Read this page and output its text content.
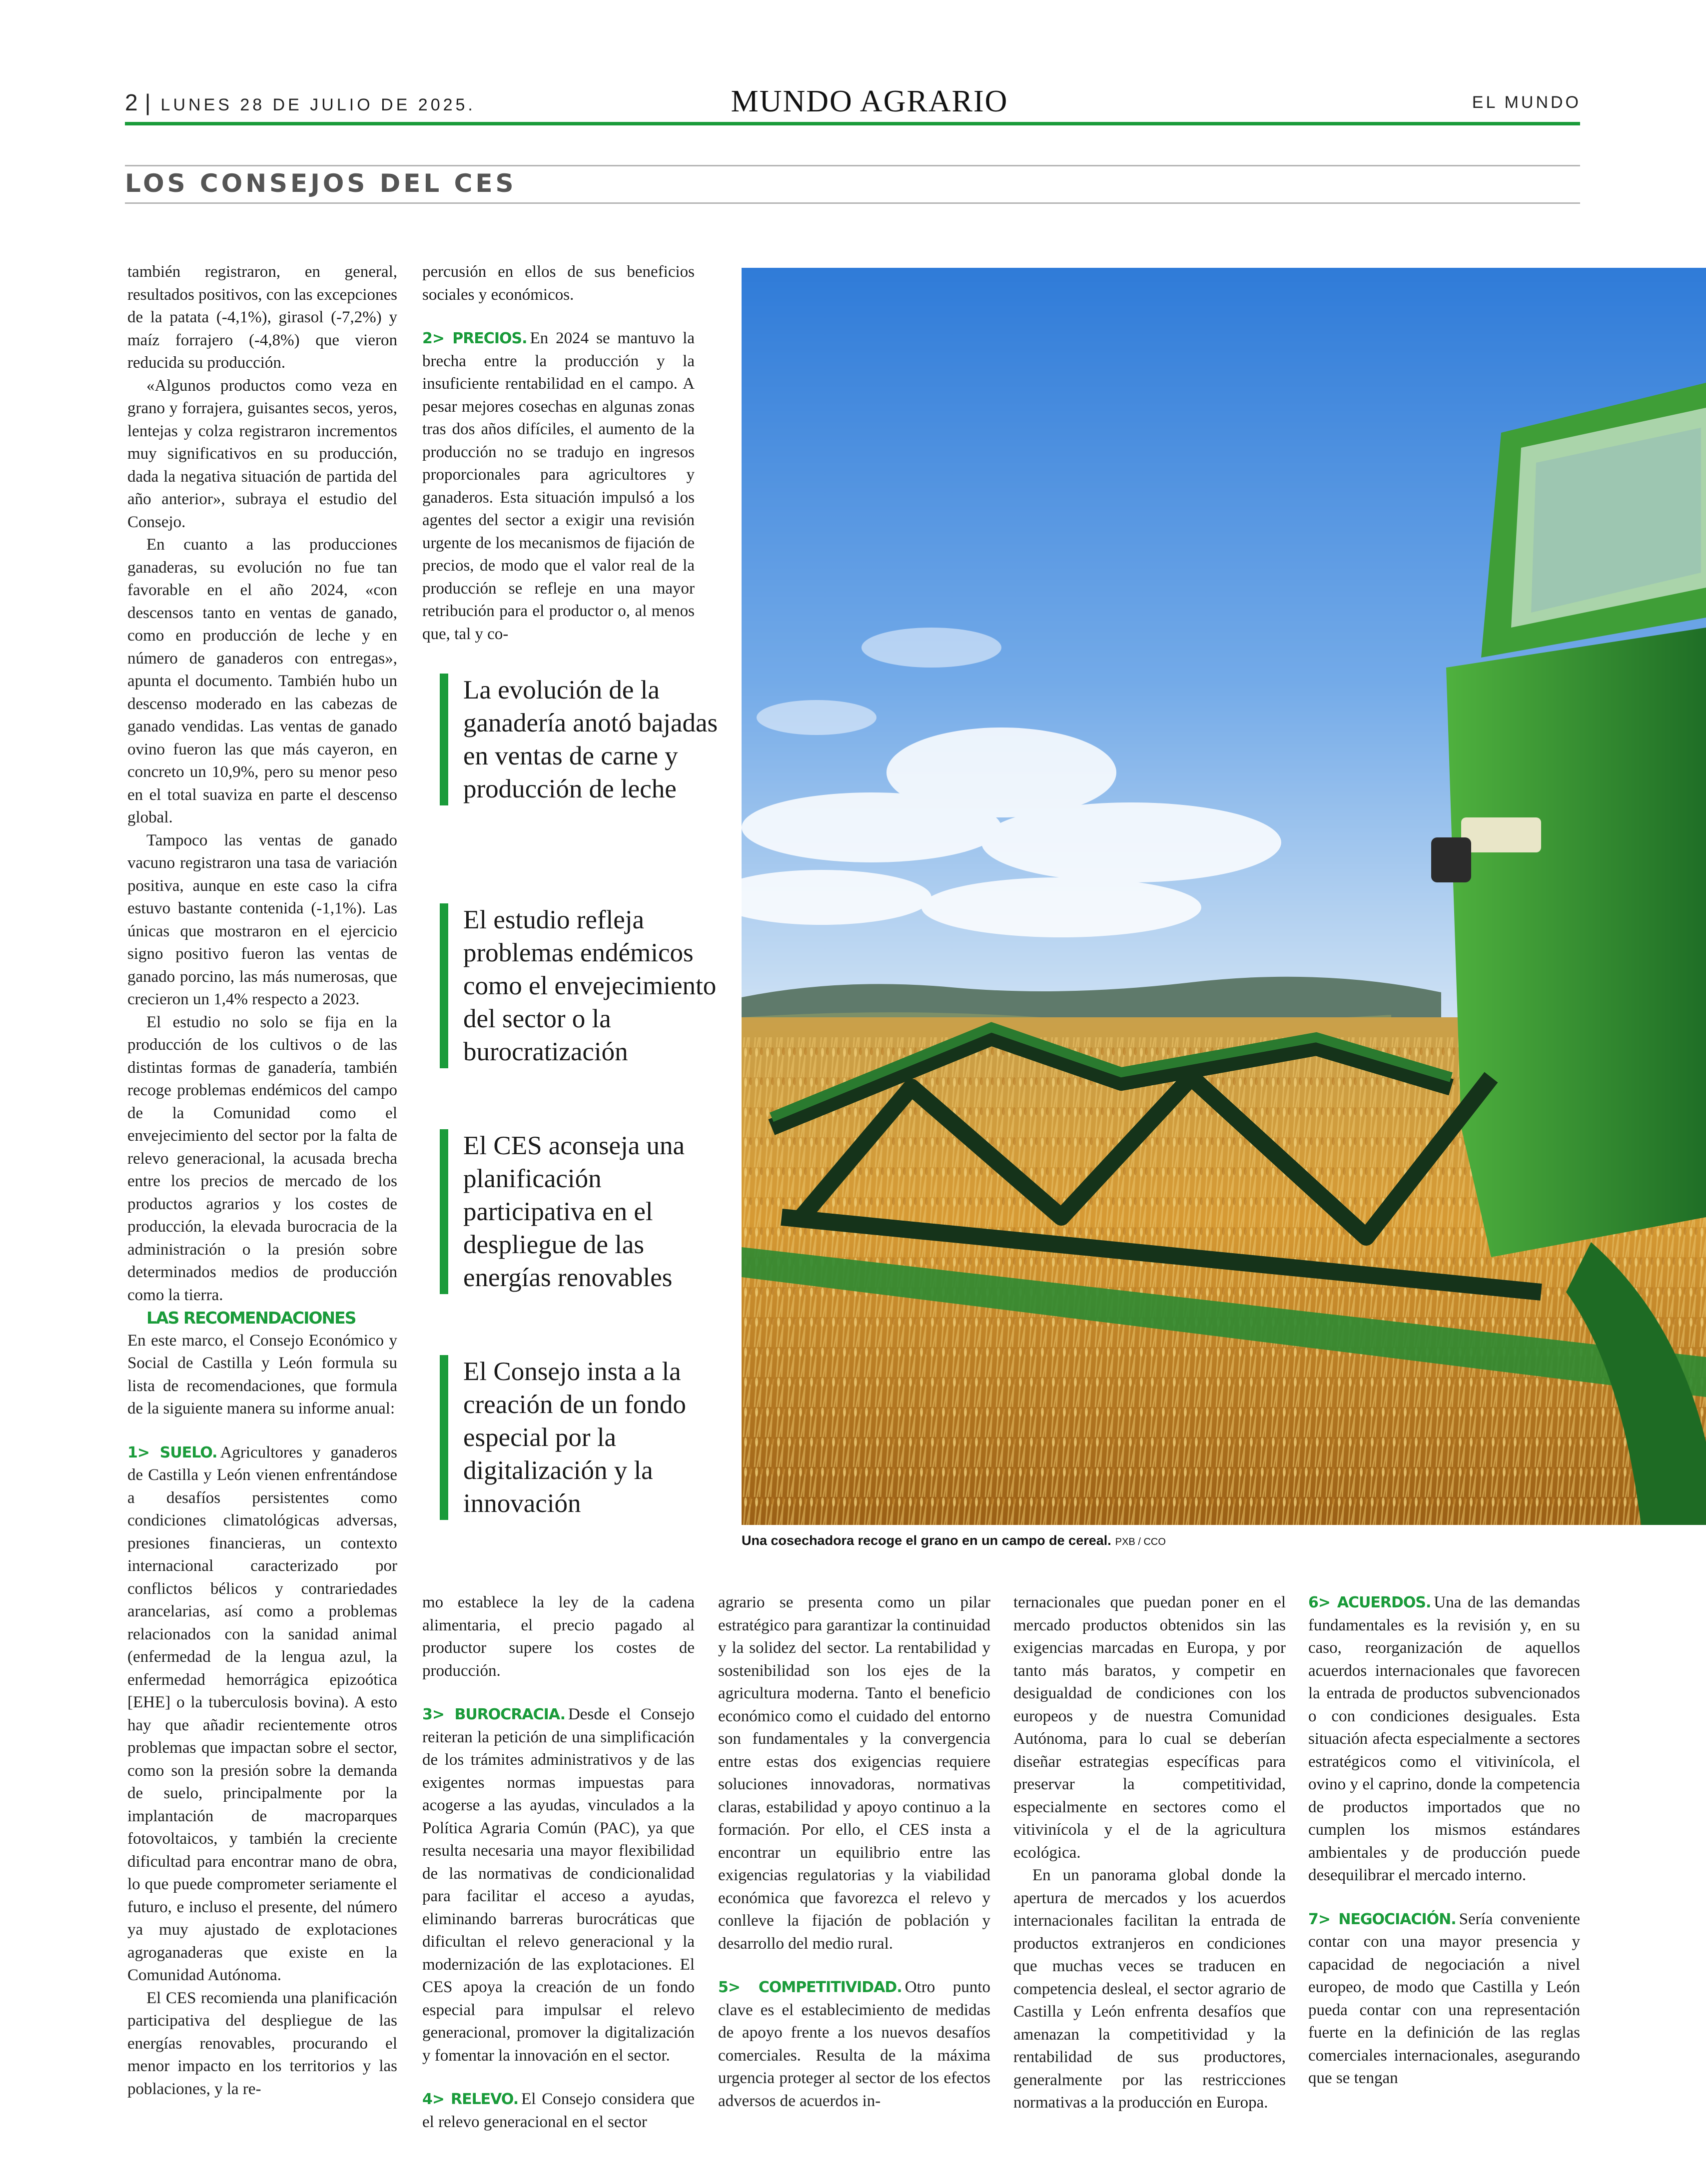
2 | LUNES 28 DE JULIO DE 2025.	MUNDO AGRARIO	EL MUNDO
LOS CONSEJOS DEL CES

también registraron, en general, resultados positivos, con las excepciones de la patata (-4,1%), girasol (-7,2%) y maíz forrajero (-4,8%) que vieron reducida su producción.

«Algunos productos como veza en grano y forrajera, guisantes secos, yeros, lentejas y colza registraron incrementos muy significativos en su producción, dada la negativa situación de partida del año anterior», subraya el estudio del Consejo.

En cuanto a las producciones ganaderas, su evolución no fue tan favorable en el año 2024, «con descensos tanto en ventas de ganado, como en producción de leche y en número de ganaderos con entregas», apunta el documento. También hubo un descenso moderado en las cabezas de ganado vendidas. Las ventas de ganado ovino fueron las que más cayeron, en concreto un 10,9%, pero su menor peso en el total suaviza en parte el descenso global.

Tampoco las ventas de ganado vacuno registraron una tasa de variación positiva, aunque en este caso la cifra estuvo bastante contenida (-1,1%). Las únicas que mostraron en el ejercicio signo positivo fueron las ventas de ganado porcino, las más numerosas, que crecieron un 1,4% respecto a 2023.

El estudio no solo se fija en la producción de los cultivos o de las distintas formas de ganadería, también recoge problemas endémicos del campo de la Comunidad como el envejecimiento del sector por la falta de relevo generacional, la acusada brecha entre los precios de mercado de los productos agrarios y los costes de producción, la elevada burocracia de la administración o la presión sobre determinados medios de producción como la tierra.

LAS RECOMENDACIONES

En este marco, el Consejo Económico y Social de Castilla y León formula su lista de recomendaciones, que formula de la siguiente manera su informe anual:

1> SUELO. Agricultores y ganaderos de Castilla y León vienen enfrentándose a desafíos persistentes como condiciones climatológicas adversas, presiones financieras, un contexto internacional caracterizado por conflictos bélicos y contrariedades arancelarias, así como a problemas relacionados con la sanidad animal (enfermedad de la lengua azul, la enfermedad hemorrágica epizoótica [EHE] o la tuberculosis bovina). A esto hay que añadir recientemente otros problemas que impactan sobre el sector, como son la presión sobre la demanda de suelo, principalmente por la implantación de macroparques fotovoltaicos, y también la creciente dificultad para encontrar mano de obra, lo que puede comprometer seriamente el futuro, e incluso el presente, del número ya muy ajustado de explotaciones agroganaderas que existe en la Comunidad Autónoma.

El CES recomienda una planificación participativa del despliegue de las energías renovables, procurando el menor impacto en los territorios y las poblaciones, y la re-

percusión en ellos de sus beneficios sociales y económicos.

2> PRECIOS. En 2024 se mantuvo la brecha entre la producción y la insuficiente rentabilidad en el campo. A pesar mejores cosechas en algunas zonas tras dos años difíciles, el aumento de la producción no se tradujo en ingresos proporcionales para agricultores y ganaderos. Esta situación impulsó a los agentes del sector a exigir una revisión urgente de los mecanismos de fijación de precios, de modo que el valor real de la producción se refleje en una mayor retribución para el productor o, al menos que, tal y co-

La evolución de la ganadería anotó bajadas en ventas de carne y producción de leche
El estudio refleja problemas endémicos como el envejecimiento del sector o la burocratización
El CES aconseja una planificación participativa en el despliegue de las energías renovables
El Consejo insta a la creación de un fondo especial por la digitalización y la innovación
Una cosechadora recoge el grano en un campo de cereal. PXB / CCO

mo establece la ley de la cadena alimentaria, el precio pagado al productor supere los costes de producción.

3> BUROCRACIA. Desde el Consejo reiteran la petición de una simplificación de los trámites administrativos y de las exigentes normas impuestas para acogerse a las ayudas, vinculados a la Política Agraria Común (PAC), ya que resulta necesaria una mayor flexibilidad de las normativas de condicionalidad para facilitar el acceso a ayudas, eliminando barreras burocráticas que dificultan el relevo generacional y la modernización de las explotaciones. El CES apoya la creación de un fondo especial para impulsar el relevo generacional, promover la digitalización y fomentar la innovación en el sector.

4> RELEVO. El Consejo considera que el relevo generacional en el sector

agrario se presenta como un pilar estratégico para garantizar la continuidad y la solidez del sector. La rentabilidad y sostenibilidad son los ejes de la agricultura moderna. Tanto el beneficio económico como el cuidado del entorno son fundamentales y la convergencia entre estas dos exigencias requiere soluciones innovadoras, normativas claras, estabilidad y apoyo continuo a la formación. Por ello, el CES insta a encontrar un equilibrio entre las exigencias regulatorias y la viabilidad económica que favorezca el relevo y conlleve la fijación de población y desarrollo del medio rural.

5> COMPETITIVIDAD. Otro punto clave es el establecimiento de medidas de apoyo frente a los nuevos desafíos comerciales. Resulta de la máxima urgencia proteger al sector de los efectos adversos de acuerdos in-

ternacionales que puedan poner en el mercado productos obtenidos sin las exigencias marcadas en Europa, y por tanto más baratos, y competir en desigualdad de condiciones con los europeos y de nuestra Comunidad Autónoma, para lo cual se deberían diseñar estrategias específicas para preservar la competitividad, especialmente en sectores como el vitivinícola y el de la agricultura ecológica.

En un panorama global donde la apertura de mercados y los acuerdos internacionales facilitan la entrada de productos extranjeros en condiciones que muchas veces se traducen en competencia desleal, el sector agrario de Castilla y León enfrenta desafíos que amenazan la competitividad y la rentabilidad de sus productores, generalmente por las restricciones normativas a la producción en Europa.

6> ACUERDOS. Una de las demandas fundamentales es la revisión y, en su caso, reorganización de aquellos acuerdos internacionales que favorecen la entrada de productos subvencionados o con condiciones desiguales. Esta situación afecta especialmente a sectores estratégicos como el vitivinícola, el ovino y el caprino, donde la competencia de productos importados que no cumplen los mismos estándares ambientales y de producción puede desequilibrar el mercado interno.

7> NEGOCIACIÓN. Sería conveniente contar con una mayor presencia y capacidad de negociación a nivel europeo, de modo que Castilla y León pueda contar con una representación fuerte en la definición de las reglas comerciales internacionales, asegurando que se tengan
